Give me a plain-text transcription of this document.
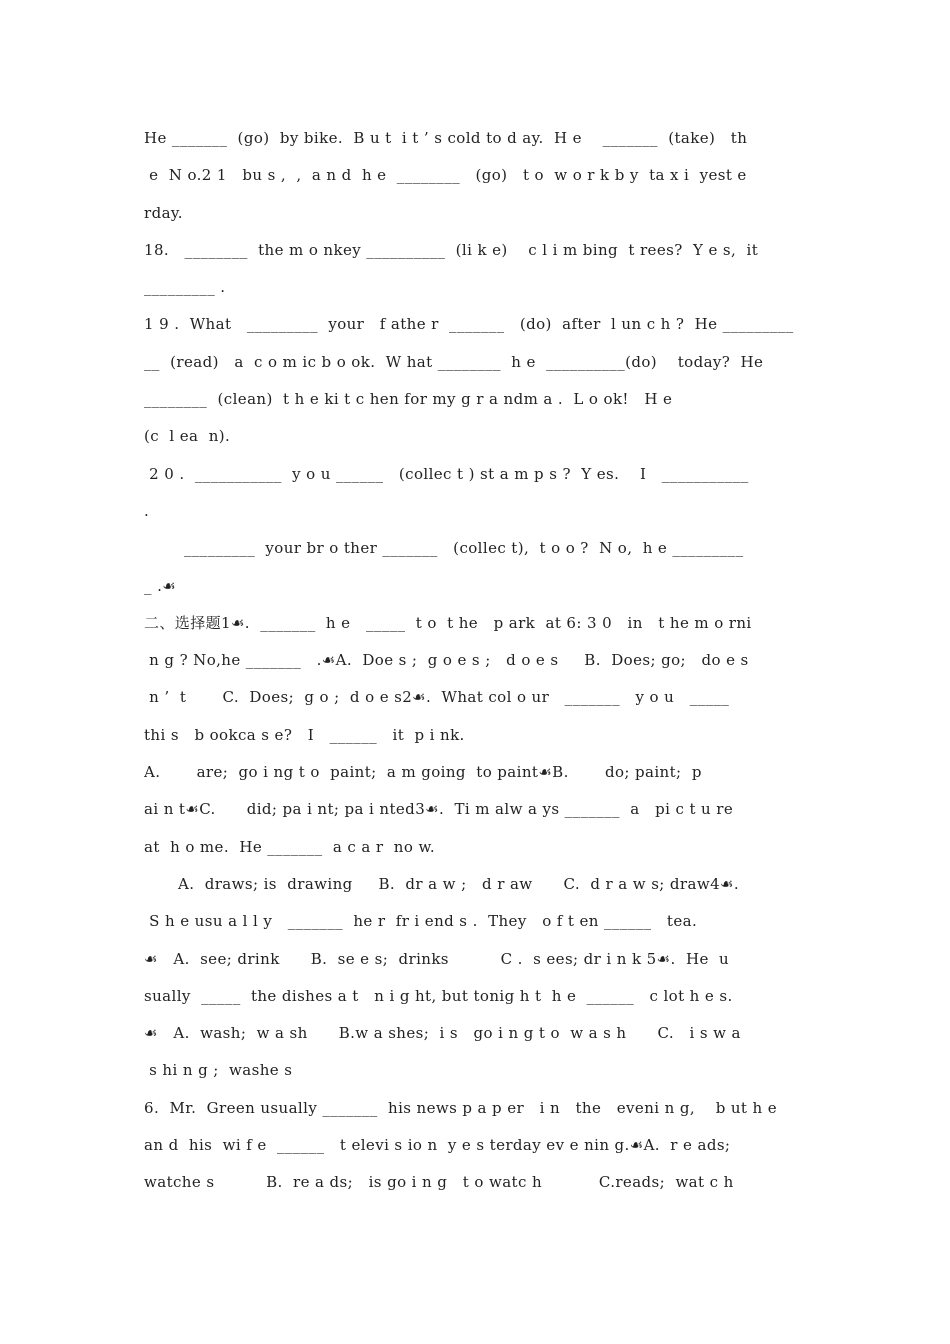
He _______  (go)  by bike.  B u t  i t ’ s cold to d ay.  H e    _______  (take)   th
e  N o.2 1   bu s ,  ,  a n d  h e  ________   (go)   t o  w o r k b y  ta x i  yest e
rday.
18.   ________  the m o nkey __________  (li k e)    c l i m bing  t rees?  Y e s,  it
_________ .
1 9 .  What   _________  your   f athe r  _______   (do)  after  l un c h ?  He _________
__  (read)   a  c o m ic b o ok.  W hat ________  h e  __________(do)    today?  He
________  (clean)  t h e ki t c hen for my g r a ndm a .  L o ok!   H e
(c  l ea  n).
2 0 .  ___________  y o u ______   (collec t ) st a m p s ?  Y es.    I   ___________
.
_________  your br o ther _______   (collec t),  t o o ?  N o,  h e _________
_ .☙
二、选择题1☙.  _______  h e   _____  t o  t he   p ark  at 6: 3 0   in   t he m o rni
n g ? No,he _______   .☙A.  Doe s ;  g o e s ;   d o e s     B.  Does; go;   do e s
n ’  t       C.  Does;  g o ;  d o e s2☙.  What col o ur   _______   y o u   _____
thi s   b ookca s e?   I   ______   it  p i nk.
A.       are;  go i ng t o  paint;  a m going  to paint☙B.       do; paint;  p
ai n t☙C.      did; pa i nt; pa i nted3☙.  Ti m alw a ys _______  a   pi c t u re
at  h o me.  He _______  a c a r  no w.
A.  draws; is  drawing     B.  dr a w ;   d r aw      C.  d r a w s; draw4☙.
S h e usu a l l y   _______  he r  fr i end s .  They   o f t en ______   tea.
☙   A.  see; drink      B.  se e s;  drinks          C .  s ees; dr i n k 5☙.  He  u
sually  _____  the dishes a t   n i g ht, but tonig h t  h e  ______   c lot h e s.
☙   A.  wash;  w a sh      B.w a shes;  i s   go i n g t o  w a s h      C.   i s w a
s hi n g ;  washe s
6.  Mr.  Green usually _______  his news p a p er   i n   the   eveni n g,    b ut h e
an d  his  wi f e  ______   t elevi s io n  y e s terday ev e nin g.☙A.  r e ads;
watche s          B.  re a ds;   is go i n g   t o watc h           C.reads;  wat c h
